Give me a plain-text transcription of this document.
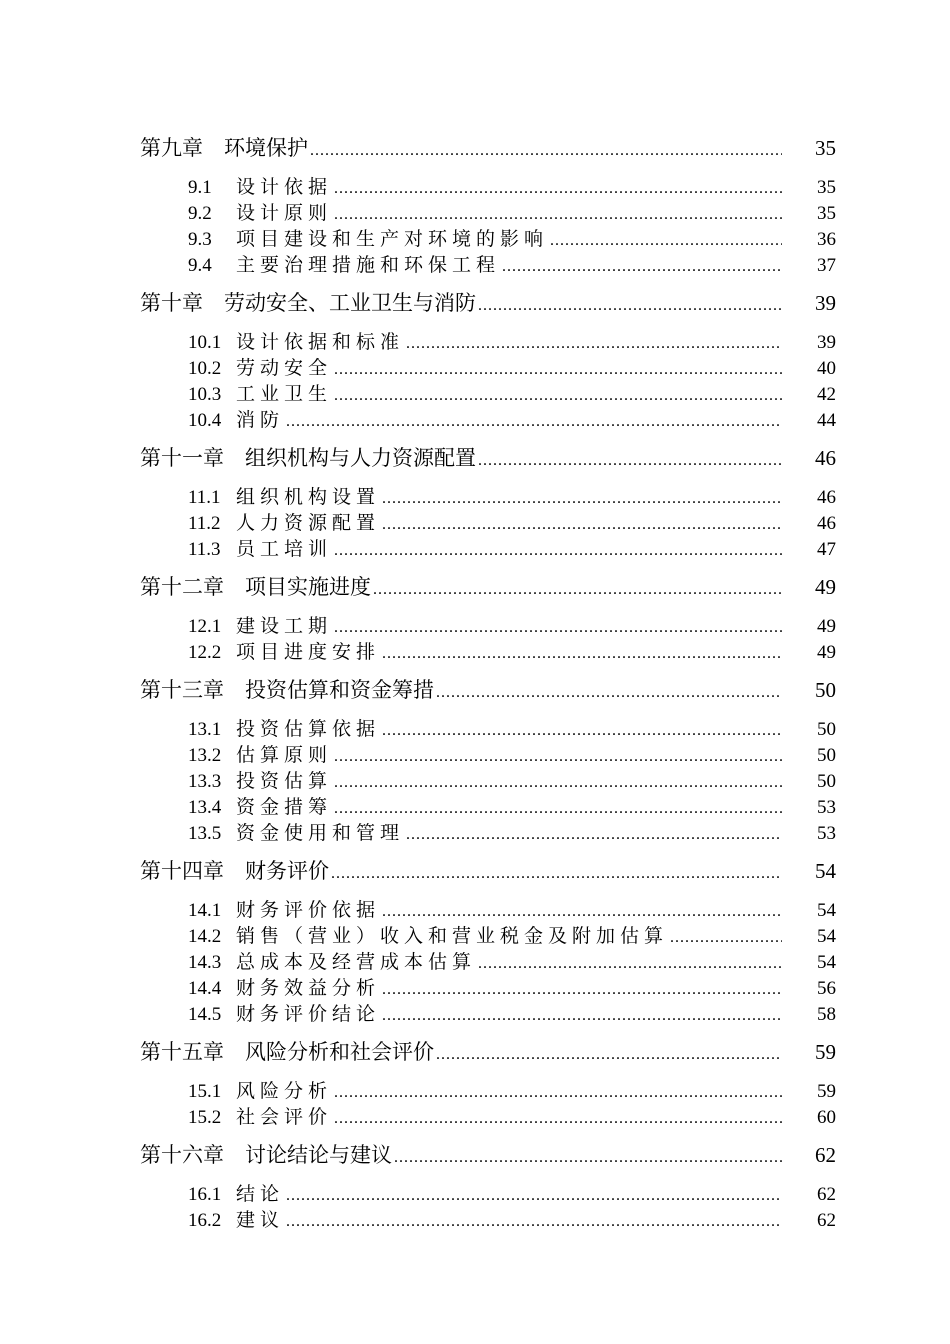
第九章　环境保护 .....	35
9.1	设计依据 .....	35
9.2	设计原则 .....	35
9.3	项目建设和生产对环境的影响 .....	36
9.4	主要治理措施和环保工程 .....	37
第十章　劳动安全、工业卫生与消防 .....	39
10.1 设计依据和标准 .....	39
10.2 劳动安全 .....	40
10.3 工业卫生 .....	42
10.4 消防 .....	44
第十一章　组织机构与人力资源配置 .....	46
11.1 组织机构设置 .....	46
11.2 人力资源配置 .....	46
11.3 员工培训 .....	47
第十二章　项目实施进度 .....	49
12.1 建设工期 .....	49
12.2 项目进度安排 .....	49
第十三章　投资估算和资金筹措 .....	50
13.1 投资估算依据 .....	50
13.2 估算原则 .....	50
13.3 投资估算 .....	50
13.4 资金措筹 .....	53
13.5 资金使用和管理 .....	53
第十四章　财务评价 .....	54
14.1 财务评价依据 .....	54
14.2 销售（营业）收入和营业税金及附加估算 .....	54
14.3 总成本及经营成本估算 .....	54
14.4 财务效益分析 .....	56
14.5 财务评价结论 .....	58
第十五章　风险分析和社会评价 .....	59
15.1 风险分析 .....	59
15.2 社会评价 .....	60
第十六章　讨论结论与建议 .....	62
16.1 结论 .....	62
16.2 建议 .....	62
